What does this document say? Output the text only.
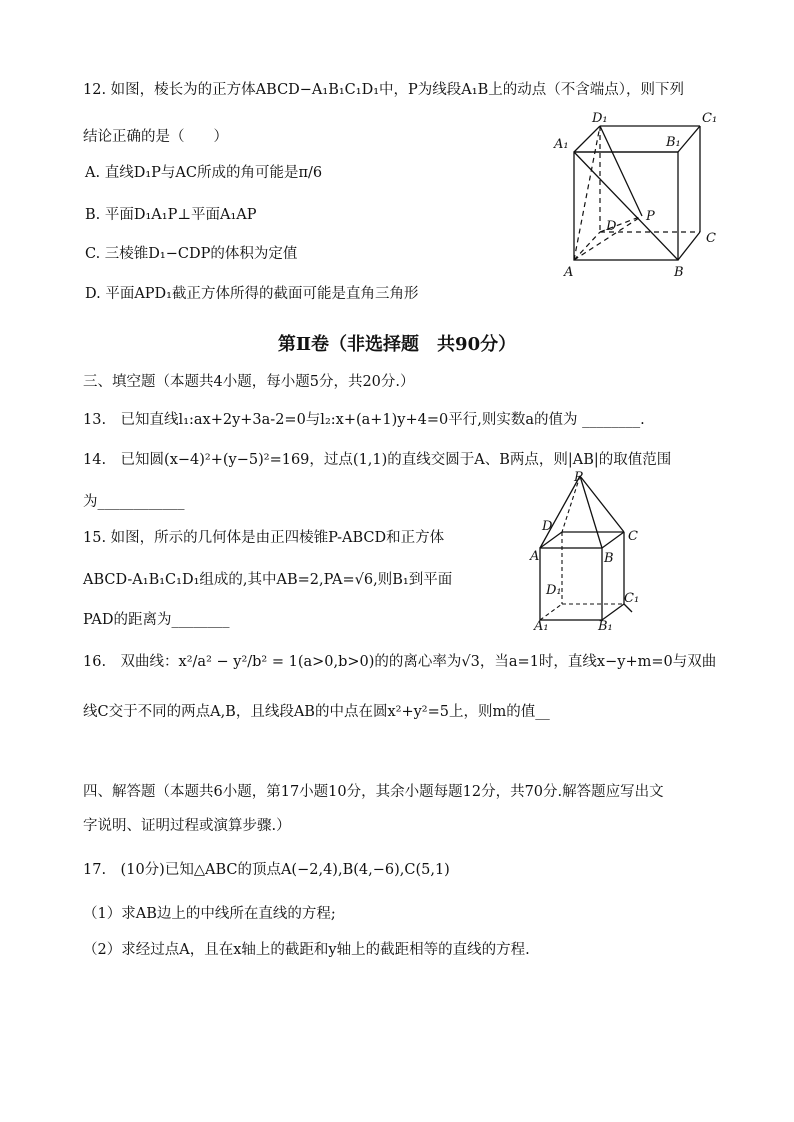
12. 如图，棱长为的正方体ABCD−A₁B₁C₁D₁中，P为线段A₁B上的动点（不含端点），则下列
结论正确的是（　　）
A. 直线D₁P与AC所成的角可能是π/6
B. 平面D₁A₁P⊥平面A₁AP
C. 三棱锥D₁−CDP的体积为定值
D. 平面APD₁截正方体所得的截面可能是直角三角形
D₁	C₁
A₁	B₁
D
P
C
A	B
第Ⅱ卷（非选择题　共90分）
三、填空题（本题共4小题，每小题5分，共20分.）
13.　已知直线l₁:ax+2y+3a-2=0与l₂:x+(a+1)y+4=0平行,则实数a的值为 ________.
14.　已知圆(x−4)²+(y−5)²=169，过点(1,1)的直线交圆于A、B两点，则|AB|的取值范围
为____________
15. 如图，所示的几何体是由正四棱锥P-ABCD和正方体
ABCD-A₁B₁C₁D₁组成的,其中AB=2,PA=√6,则B₁到平面
PAD的距离为________
P
D
C
A	B
D₁
C₁
A₁	B₁
16.　双曲线：x²/a² − y²/b² = 1(a>0,b>0)的的离心率为√3，当a=1时，直线x−y+m=0与双曲
线C交于不同的两点A,B，且线段AB的中点在圆x²+y²=5上，则m的值__
四、解答题（本题共6小题，第17小题10分，其余小题每题12分，共70分.解答题应写出文
字说明、证明过程或演算步骤.）
17.　(10分)已知△ABC的顶点A(−2,4),B(4,−6),C(5,1)
（1）求AB边上的中线所在直线的方程;
（2）求经过点A，且在x轴上的截距和y轴上的截距相等的直线的方程.
